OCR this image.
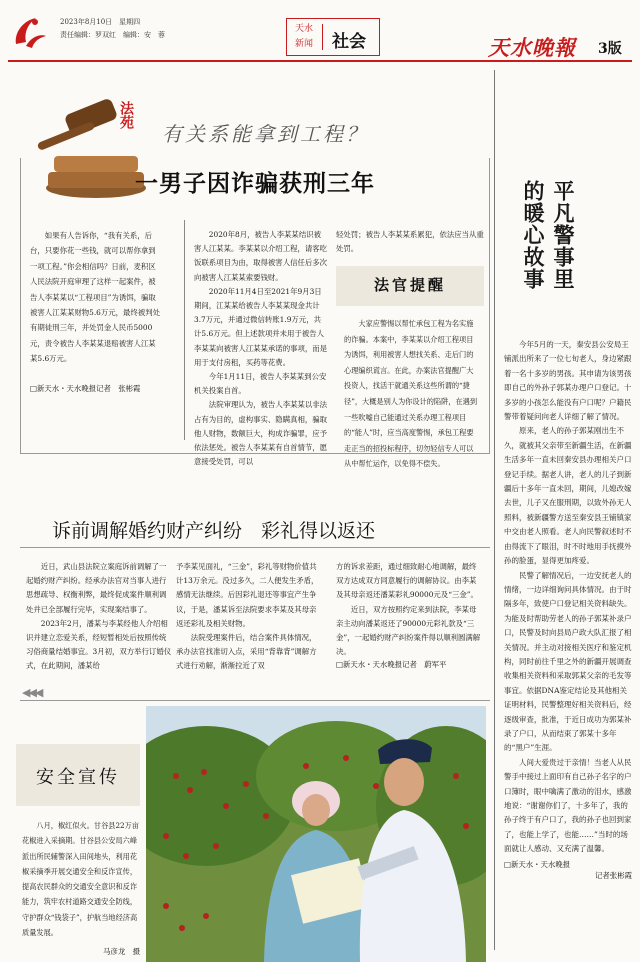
2023年8月10日　星期四
责任编辑：罗双红　编辑：安　蓉
天水
新闻 社会	天水晚報 3版
法苑
有关系能拿到工程？
一男子因诈骗获刑三年

如果有人告诉你，“我有关系，后台，只要你花一些钱，就可以帮你拿到一项工程。”你会相信吗？日前，麦积区人民法院开庭审理了这样一起案件，被告人李某某以“工程项目”为诱饵，骗取被害人江某某财物5.6万元，最终被判处有期徒刑三年，并处罚金人民币5000元，责令被告人李某某退赔被害人江某某5.6万元。

□新天水・天水晚报记者　张彬霞

2020年8月，被告人李某某结识被害人江某某。李某某以介绍工程，请客吃饭联系项目为由，取得被害人信任后多次向被害人江某某索要钱财。

2020年11月4日至2021年9月3日期间，江某某给被告人李某某现金共计3.7万元，并通过微信转账1.9万元，共计5.6万元。但上述款项并未用于被告人李某某向被害人江某某承诺的事项，而是用于支付房租，买药等花费。

今年1月11日，被告人李某某到公安机关投案自首。

法院审理认为，被告人李某某以非法占有为目的，虚构事实、隐瞒真相，骗取他人财物，数额巨大，构成诈骗罪，应予依法惩处。被告人李某某有自首情节，愿意接受处罚，可以

轻处罚；被告人李某某系累犯，依法应当从重处罚。

法官提醒

大家应警惕以帮忙承包工程为名实施的诈骗。本案中，李某某以介绍工程项目为诱饵，利用被害人想找关系、走后门的心理编织谎言。在此，办案法官提醒广大投资人，找活干就通关系这些所谓的“捷径”，大概是别人为你设计的陷阱，在遇到一些吹嘘自己能通过关系办理工程项目的“能人”时，应当高度警惕，承包工程要走正当的招投标程序，切勿轻信专人可以从中帮忙运作，以免得不偿失。

平凡警事里
的暖心故事

今年5月的一天，秦安县公安局王铺派出所来了一位七旬老人，身边紧跟着一名十多岁的男孩。其申请为该男孩即自己的外孙子郭某办理户口登记。十多岁的小孩怎么能没有户口呢？户籍民警带着疑问向老人详细了解了情况。

原来，老人的孙子郭某刚出生不久，就被其父亲带至新疆生活，在新疆生活多年一直未回秦安县办理相关户口登记手续。据老人讲，老人的儿子到新疆后十多年一直未回，期间，儿媳改嫁去世，儿子又在服刑期，以致外孙无人照料，被新疆警方送至秦安县王铺镇家中交由老人照看。老人向民警叙述时不由得流下了眼泪，时不时地用手抚摸外孙的脸蛋，显得更加疼爱。

民警了解情况后，一边安抚老人的情绪，一边详细询问具体情况。由于时隔多年，致使户口登记相关资料缺失。为能及时帮助劳老人的孙子郭某补录户口，民警及时向县局户政大队汇报了相关情况。并主动对接相关医疗和鉴定机构，同时前往千里之外的新疆开展调查收集相关资料和采取郭某父亲的毛发等事宜。依据DNA鉴定结论及其他相关证明材料，民警整理好相关资料后，经逐级审查，批准，于近日成功为郭某补录了户口，从而结束了郭某十多年的“黑户”生涯。

人间大爱贵过于亲情！当老人从民警手中接过上面印有自己孙子名字的户口簿时，眼中噙满了激动的泪水，感激地说：“谢谢你们了，十多年了，我的孙子终于有户口了，我的孙子也回到家了，也能上学了，也能……”当时的场面就让人感动、又充满了温馨。

□新天水・天水晚报
记者张彬霞
诉前调解婚约财产纠纷　彩礼得以返还

近日，武山县法院立案庭诉前调解了一起婚约财产纠纷。经承办法官对当事人进行思想疏导、权衡利弊，最终促成案件顺利调处并已全部履行完毕，实现案结事了。

2023年2月，潘某与李某经他人介绍相识并建立恋爱关系，经短暂相处后按照传统习俗商量结婚事宜。3月初，双方举行订婚仪式，在此期间，潘某给

予李某见面礼，“三金”，彩礼等财物价值共计13万余元。没过多久，二人便发生矛盾，感情无法继续。后因彩礼退还等事宜产生争议，于是，潘某诉至法院要求李某及其母亲返还彩礼及相关财物。

法院受理案件后，结合案件具体情况，承办法官找准切入点，采用“背靠背”调解方式进行劝解，渐渐拉近了双

方的诉求差距，通过细致耐心地调解，最终双方达成双方同意履行的调解协议。由李某及其母亲返还潘某彩礼90000元及“三金”。

近日，双方按照约定来到法院，李某母亲主动向潘某返还了90000元彩礼款及“三金”，一起婚约财产纠纷案件得以顺利圆满解决。

□新天水・天水晚报记者　蔚军平
◀◀◀
安全宣传

八月，椒红似火。甘谷县22万亩花椒进入采摘期。甘谷县公安局六峰派出所民辅警深入田间地头，利用花椒采摘季开展交通安全和反诈宣传，提高农民群众的交通安全意识和反诈能力，筑牢农村道路交通安全防线，守护群众“钱袋子”，护航当地经济高质量发展。

马彦龙　摄
